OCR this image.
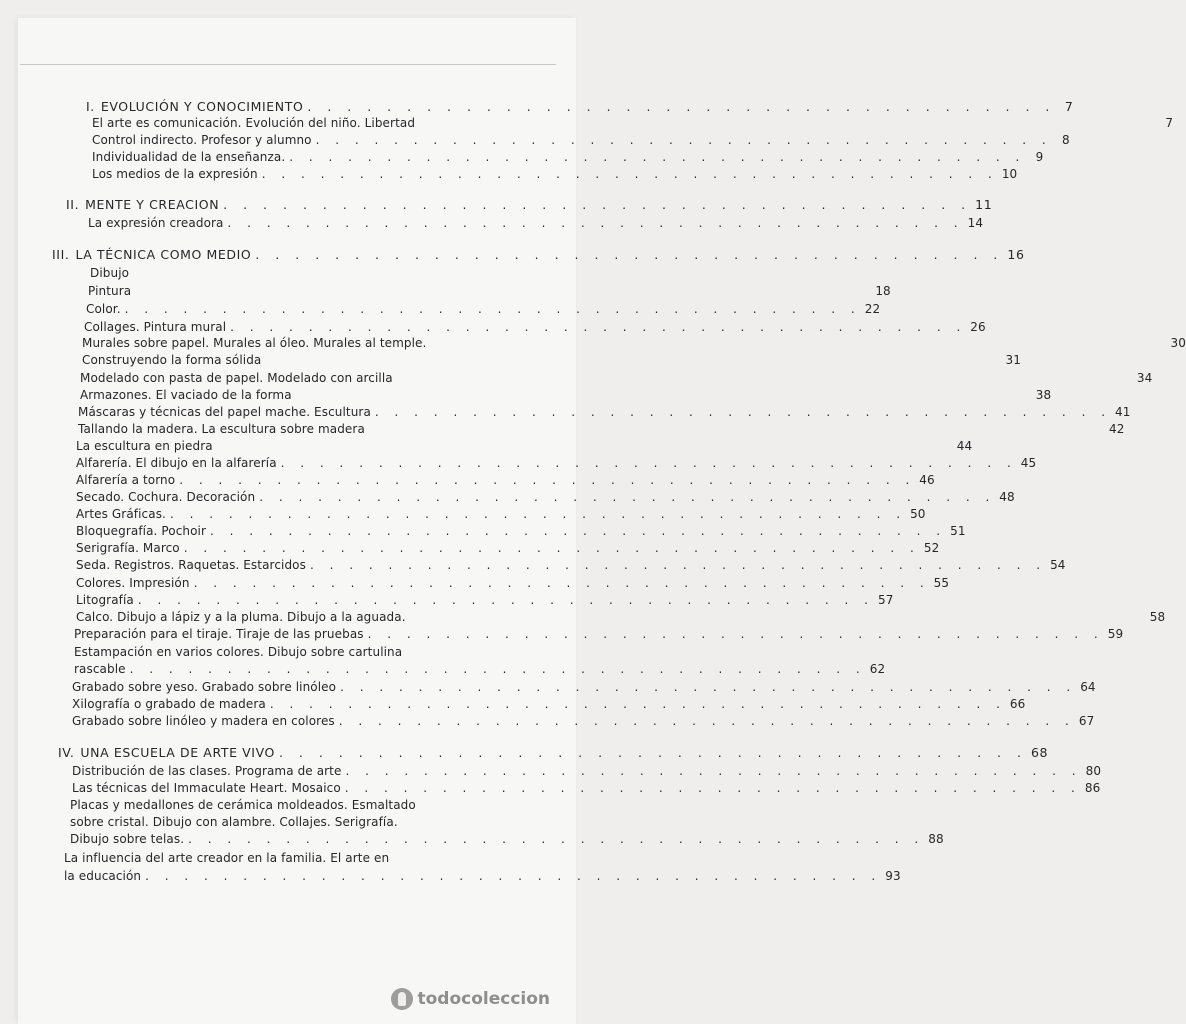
I. EVOLUCIÓN Y CONOCIMIENTO . . . . . . . . . . . . . . . . . . . . . . . . . . . . . . . . . . . . . . 7
El arte es comunicación. Evolución del niño. Libertad	7
Control indirecto. Profesor y alumno . . . . . . . . . . . . . . . . . . . . . . . . . . . . . . . . . . . . . . 8
Individualidad de la enseñanza. . . . . . . . . . . . . . . . . . . . . . . . . . . . . . . . . . . . . . . 9
Los medios de la expresión . . . . . . . . . . . . . . . . . . . . . . . . . . . . . . . . . . . . . . 10
II. MENTE Y CREACION . . . . . . . . . . . . . . . . . . . . . . . . . . . . . . . . . . . . . . 11
La expresión creadora . . . . . . . . . . . . . . . . . . . . . . . . . . . . . . . . . . . . . . 14
III. LA TÉCNICA COMO MEDIO . . . . . . . . . . . . . . . . . . . . . . . . . . . . . . . . . . . . . . 16
Dibujo
Pintura	18
Color. . . . . . . . . . . . . . . . . . . . . . . . . . . . . . . . . . . . . . . 22
Collages. Pintura mural . . . . . . . . . . . . . . . . . . . . . . . . . . . . . . . . . . . . . . 26
Murales sobre papel. Murales al óleo. Murales al temple.	30
Construyendo la forma sólida	31
Modelado con pasta de papel. Modelado con arcilla	34
Armazones. El vaciado de la forma	38
Máscaras y técnicas del papel mache. Escultura . . . . . . . . . . . . . . . . . . . . . . . . . . . . . . . . . . . . . . 41
Tallando la madera. La escultura sobre madera	42
La escultura en piedra	44
Alfarería. El dibujo en la alfarería . . . . . . . . . . . . . . . . . . . . . . . . . . . . . . . . . . . . . . 45
Alfarería a torno . . . . . . . . . . . . . . . . . . . . . . . . . . . . . . . . . . . . . . 46
Secado. Cochura. Decoración . . . . . . . . . . . . . . . . . . . . . . . . . . . . . . . . . . . . . . 48
Artes Gráficas. . . . . . . . . . . . . . . . . . . . . . . . . . . . . . . . . . . . . . . 50
Bloquegrafía. Pochoir . . . . . . . . . . . . . . . . . . . . . . . . . . . . . . . . . . . . . . 51
Serigrafía. Marco . . . . . . . . . . . . . . . . . . . . . . . . . . . . . . . . . . . . . . 52
Seda. Registros. Raquetas. Estarcidos . . . . . . . . . . . . . . . . . . . . . . . . . . . . . . . . . . . . . . 54
Colores. Impresión . . . . . . . . . . . . . . . . . . . . . . . . . . . . . . . . . . . . . . 55
Litografía . . . . . . . . . . . . . . . . . . . . . . . . . . . . . . . . . . . . . . 57
Calco. Dibujo a lápiz y a la pluma. Dibujo a la aguada.	58
Preparación para el tiraje. Tiraje de las pruebas . . . . . . . . . . . . . . . . . . . . . . . . . . . . . . . . . . . . . . 59
Estampación en varios colores. Dibujo sobre cartulina
rascable . . . . . . . . . . . . . . . . . . . . . . . . . . . . . . . . . . . . . . 62
Grabado sobre yeso. Grabado sobre linóleo . . . . . . . . . . . . . . . . . . . . . . . . . . . . . . . . . . . . . . 64
Xilografía o grabado de madera . . . . . . . . . . . . . . . . . . . . . . . . . . . . . . . . . . . . . . 66
Grabado sobre linóleo y madera en colores . . . . . . . . . . . . . . . . . . . . . . . . . . . . . . . . . . . . . . 67
IV. UNA ESCUELA DE ARTE VIVO . . . . . . . . . . . . . . . . . . . . . . . . . . . . . . . . . . . . . . 68
Distribución de las clases. Programa de arte . . . . . . . . . . . . . . . . . . . . . . . . . . . . . . . . . . . . . . 80
Las técnicas del Immaculate Heart. Mosaico . . . . . . . . . . . . . . . . . . . . . . . . . . . . . . . . . . . . . . 86
Placas y medallones de cerámica moldeados. Esmaltado
sobre cristal. Dibujo con alambre. Collajes. Serigrafía.
Dibujo sobre telas. . . . . . . . . . . . . . . . . . . . . . . . . . . . . . . . . . . . . . . 88
La influencia del arte creador en la familia. El arte en
la educación . . . . . . . . . . . . . . . . . . . . . . . . . . . . . . . . . . . . . . 93
todocoleccion
